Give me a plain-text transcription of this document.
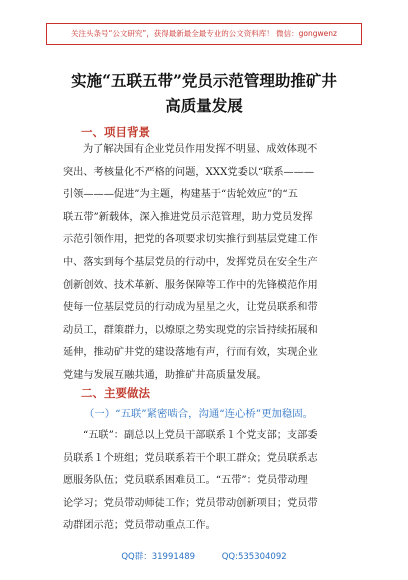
关注头条号“公文研究”，获得最新最全最专业的公文资料库！ 微信：gongwenz
实施“五联五带”党员示范管理助推矿井
高质量发展
一、项目背景
为了解决国有企业党员作用发挥不明显、成效体现不
突出、考核量化不严格的问题，XXX党委以“联系———
引领———促进”为主题，构建基于“齿轮效应”的“五
联五带”新载体，深入推进党员示范管理，助力党员发挥
示范引领作用，把党的各项要求切实推行到基层党建工作
中、落实到每个基层党员的行动中，发挥党员在安全生产
创新创效、技术革新、服务保障等工作中的先锋模范作用
使每一位基层党员的行动成为星星之火，让党员联系和带
动员工，群策群力，以燎原之势实现党的宗旨持续拓展和
延伸，推动矿井党的建设落地有声，行而有效，实现企业
党建与发展互融共通，助推矿井高质量发展。
二、主要做法
（一）“五联”紧密啮合，沟通“连心桥”更加稳固。
“五联”：副总以上党员干部联系１个党支部；支部委
员联系１个班组；党员联系若干个职工群众；党员联系志
愿服务队伍；党员联系困难员工。“五带”：党员带动理
论学习；党员带动师徒工作；党员带动创新项目；党员带
动群团示范；党员带动重点工作。
QQ群：31991489	QQ:535304092
